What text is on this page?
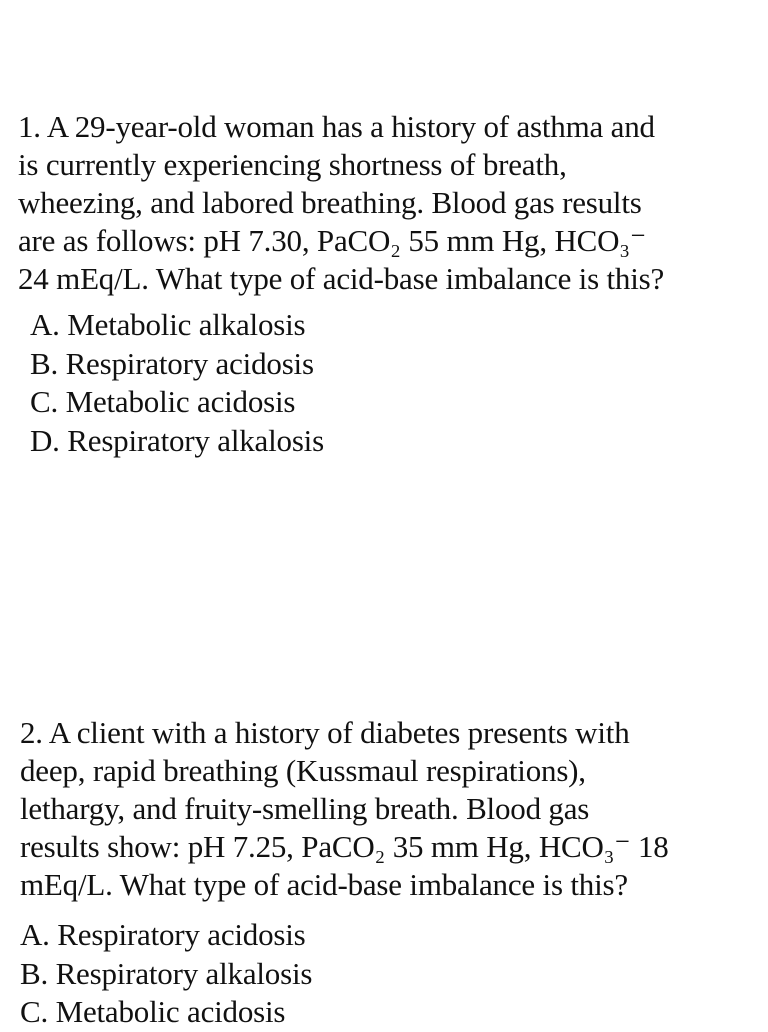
1. A 29-year-old woman has a history of asthma and
is currently experiencing shortness of breath,
wheezing, and labored breathing. Blood gas results
are as follows: pH 7.30, PaCO₂ 55 mm Hg, HCO₃⁻
24 mEq/L. What type of acid-base imbalance is this?

A. Metabolic alkalosis
B. Respiratory acidosis
C. Metabolic acidosis
D. Respiratory alkalosis

2. A client with a history of diabetes presents with
deep, rapid breathing (Kussmaul respirations),
lethargy, and fruity-smelling breath. Blood gas
results show: pH 7.25, PaCO₂ 35 mm Hg, HCO₃⁻ 18
mEq/L. What type of acid-base imbalance is this?

A. Respiratory acidosis
B. Respiratory alkalosis
C. Metabolic acidosis
